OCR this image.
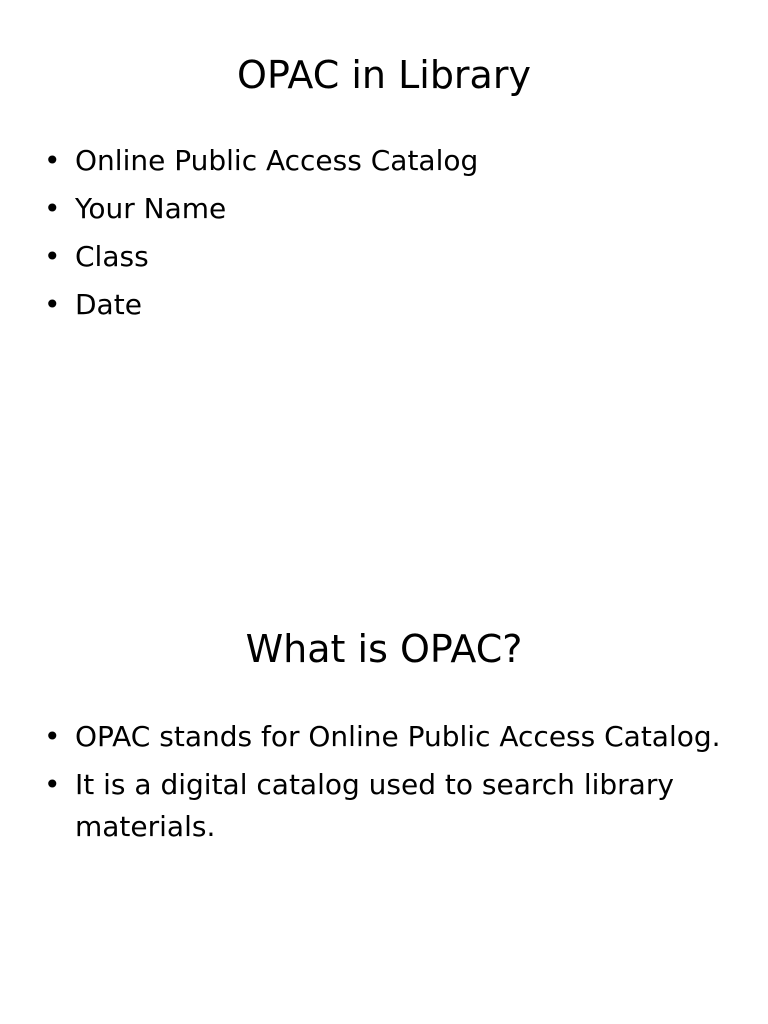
OPAC in Library
• Online Public Access Catalog
• Your Name
• Class
• Date
What is OPAC?
• OPAC stands for Online Public Access Catalog.
• It is a digital catalog used to search library materials.
